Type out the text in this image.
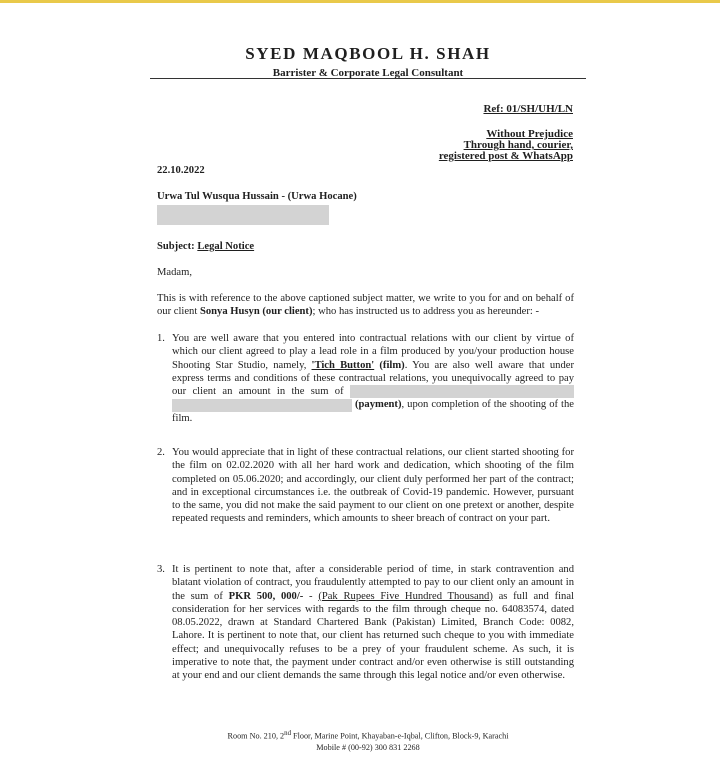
SYED MAQBOOL H. SHAH
Barrister & Corporate Legal Consultant
Ref: 01/SH/UH/LN
Without Prejudice
Through hand, courier,
registered post & WhatsApp
22.10.2022
Urwa Tul Wusqua Hussain - (Urwa Hocane)
Subject: Legal Notice
Madam,
This is with reference to the above captioned subject matter, we write to you for and on behalf of our client Sonya Husyn (our client); who has instructed us to address you as hereunder: -
1. You are well aware that you entered into contractual relations with our client by virtue of which our client agreed to play a lead role in a film produced by you/your production house Shooting Star Studio, namely, 'Tich Button' (film). You are also well aware that under express terms and conditions of these contractual relations, you unequivocally agreed to pay our client an amount in the sum of   (payment), upon completion of the shooting of the film.
2. You would appreciate that in light of these contractual relations, our client started shooting for the film on 02.02.2020 with all her hard work and dedication, which shooting of the film completed on 05.06.2020; and accordingly, our client duly performed her part of the contract; and in exceptional circumstances i.e. the outbreak of Covid-19 pandemic. However, pursuant to the same, you did not make the said payment to our client on one pretext or another, despite repeated requests and reminders, which amounts to sheer breach of contract on your part.
3. It is pertinent to note that, after a considerable period of time, in stark contravention and blatant violation of contract, you fraudulently attempted to pay to our client only an amount in the sum of PKR 500, 000/- - (Pak Rupees Five Hundred Thousand) as full and final consideration for her services with regards to the film through cheque no. 64083574, dated 08.05.2022, drawn at Standard Chartered Bank (Pakistan) Limited, Branch Code: 0082, Lahore. It is pertinent to note that, our client has returned such cheque to you with immediate effect; and unequivocally refuses to be a prey of your fraudulent scheme. As such, it is imperative to note that, the payment under contract and/or even otherwise is still outstanding at your end and our client demands the same through this legal notice and/or even otherwise.
Room No. 210, 2nd Floor, Marine Point, Khayaban-e-Iqbal, Clifton, Block-9, Karachi
Mobile # (00-92) 300 831 2268
